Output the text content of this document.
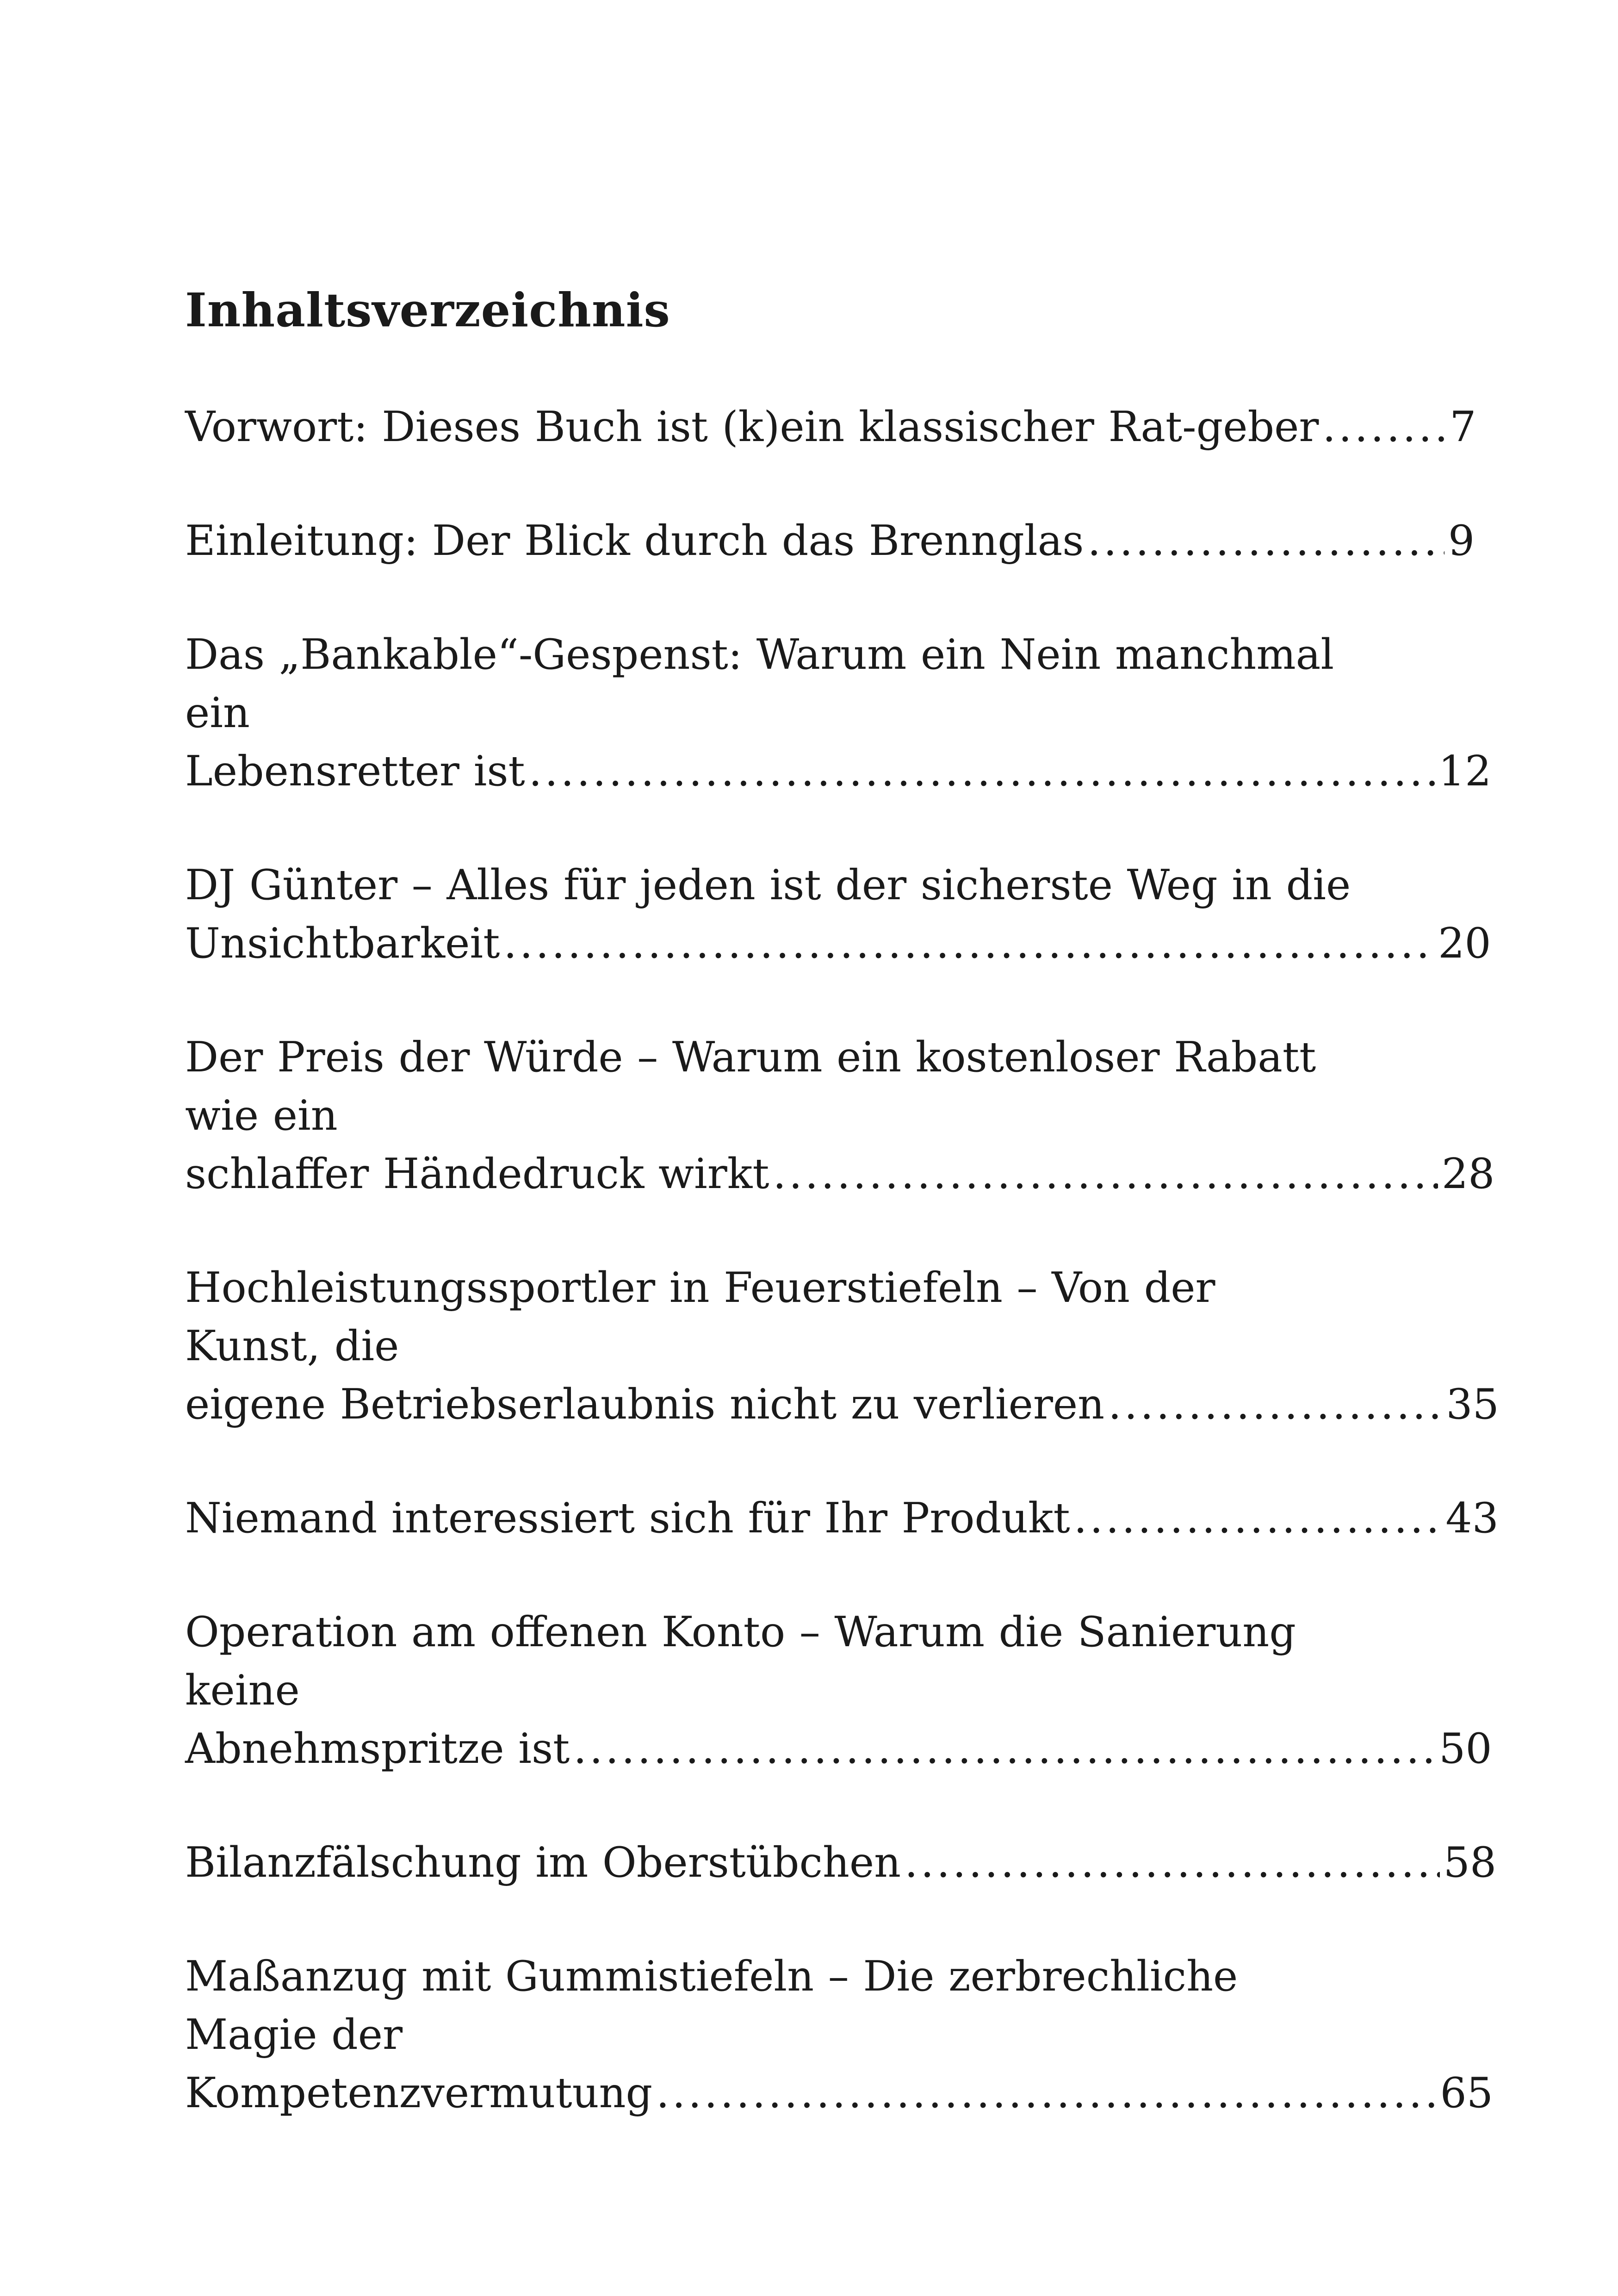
Inhaltsverzeichnis
Vorwort: Dieses Buch ist (k)ein klassischer Rat-geber .....	7
Einleitung: Der Blick durch das Brennglas .....	9
Das „Bankable“-Gespenst: Warum ein Nein manchmal ein
Lebensretter ist .....	12
DJ Günter – Alles für jeden ist der sicherste Weg in die
Unsichtbarkeit .....	20
Der Preis der Würde – Warum ein kostenloser Rabatt wie ein
schlaffer Händedruck wirkt .....	28
Hochleistungssportler in Feuerstiefeln – Von der Kunst, die
eigene Betriebserlaubnis nicht zu verlieren .....	35
Niemand interessiert sich für Ihr Produkt .....	43
Operation am offenen Konto – Warum die Sanierung keine
Abnehmspritze ist .....	50
Bilanzfälschung im Oberstübchen .....	58
Maßanzug mit Gummistiefeln – Die zerbrechliche Magie der
Kompetenzvermutung .....	65
